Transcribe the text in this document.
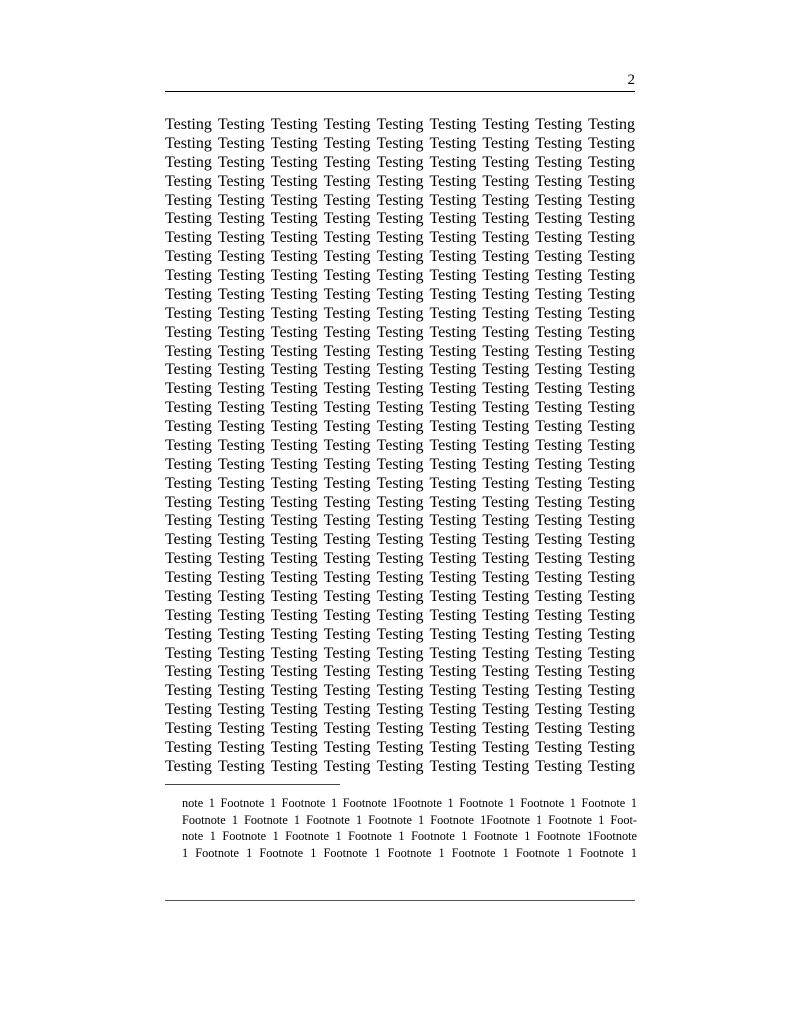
2
Testing Testing Testing Testing Testing Testing Testing Testing Testing
Testing Testing Testing Testing Testing Testing Testing Testing Testing
Testing Testing Testing Testing Testing Testing Testing Testing Testing
Testing Testing Testing Testing Testing Testing Testing Testing Testing
Testing Testing Testing Testing Testing Testing Testing Testing Testing
Testing Testing Testing Testing Testing Testing Testing Testing Testing
Testing Testing Testing Testing Testing Testing Testing Testing Testing
Testing Testing Testing Testing Testing Testing Testing Testing Testing
Testing Testing Testing Testing Testing Testing Testing Testing Testing
Testing Testing Testing Testing Testing Testing Testing Testing Testing
Testing Testing Testing Testing Testing Testing Testing Testing Testing
Testing Testing Testing Testing Testing Testing Testing Testing Testing
Testing Testing Testing Testing Testing Testing Testing Testing Testing
Testing Testing Testing Testing Testing Testing Testing Testing Testing
Testing Testing Testing Testing Testing Testing Testing Testing Testing
Testing Testing Testing Testing Testing Testing Testing Testing Testing
Testing Testing Testing Testing Testing Testing Testing Testing Testing
Testing Testing Testing Testing Testing Testing Testing Testing Testing
Testing Testing Testing Testing Testing Testing Testing Testing Testing
Testing Testing Testing Testing Testing Testing Testing Testing Testing
Testing Testing Testing Testing Testing Testing Testing Testing Testing
Testing Testing Testing Testing Testing Testing Testing Testing Testing
Testing Testing Testing Testing Testing Testing Testing Testing Testing
Testing Testing Testing Testing Testing Testing Testing Testing Testing
Testing Testing Testing Testing Testing Testing Testing Testing Testing
Testing Testing Testing Testing Testing Testing Testing Testing Testing
Testing Testing Testing Testing Testing Testing Testing Testing Testing
Testing Testing Testing Testing Testing Testing Testing Testing Testing
Testing Testing Testing Testing Testing Testing Testing Testing Testing
Testing Testing Testing Testing Testing Testing Testing Testing Testing
Testing Testing Testing Testing Testing Testing Testing Testing Testing
Testing Testing Testing Testing Testing Testing Testing Testing Testing
Testing Testing Testing Testing Testing Testing Testing Testing Testing
Testing Testing Testing Testing Testing Testing Testing Testing Testing
Testing Testing Testing Testing Testing Testing Testing Testing Testing
note 1 Footnote 1 Footnote 1 Footnote 1Footnote 1 Footnote 1 Footnote 1 Footnote 1
Footnote 1 Footnote 1 Footnote 1 Footnote 1 Footnote 1Footnote 1 Footnote 1 Foot-
note 1 Footnote 1 Footnote 1 Footnote 1 Footnote 1 Footnote 1 Footnote 1Footnote
1 Footnote 1 Footnote 1 Footnote 1 Footnote 1 Footnote 1 Footnote 1 Footnote 1
